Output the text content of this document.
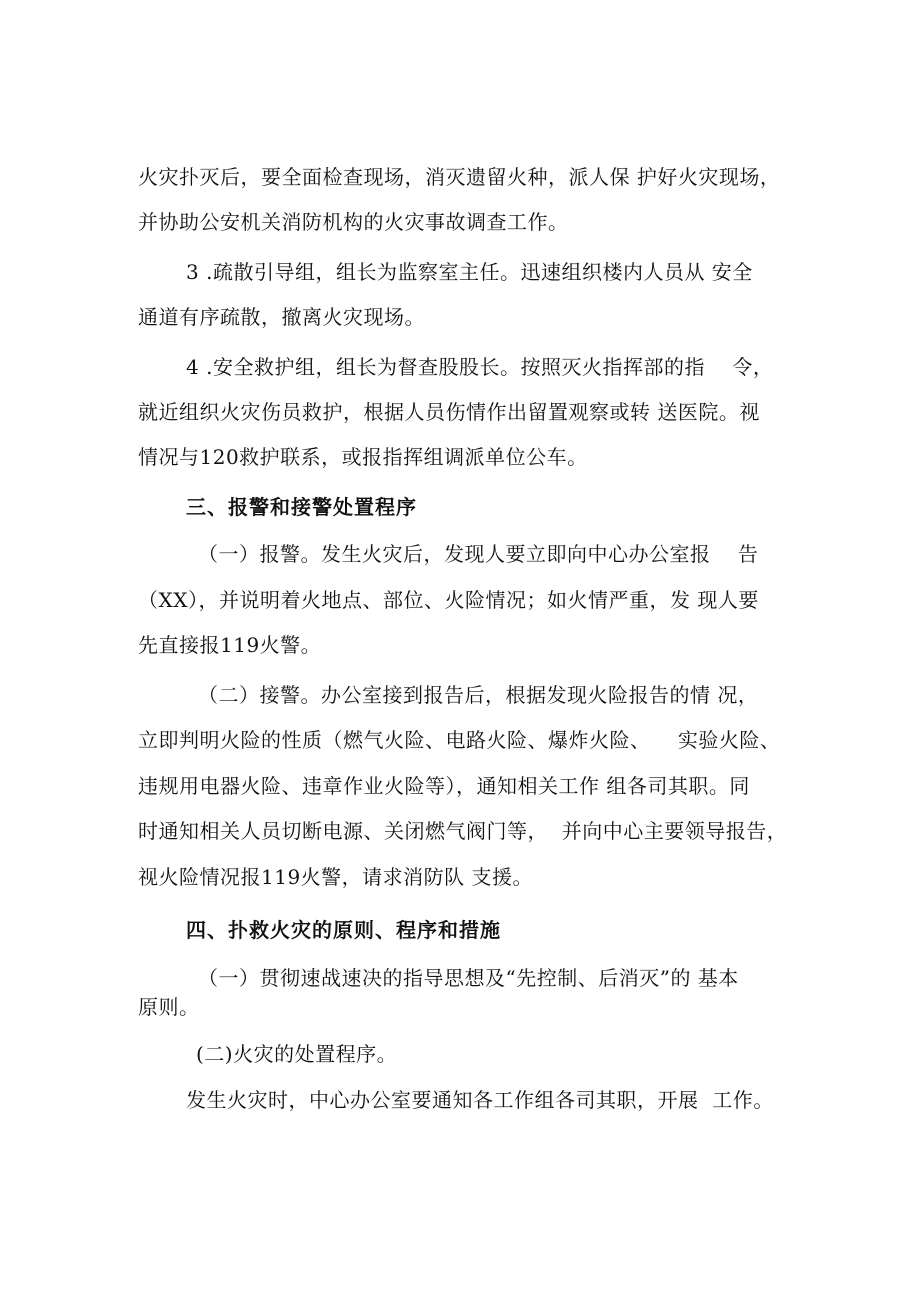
火灾扑灭后，要全面检查现场，消灭遗留火种，派人保 护好火灾现场，
并协助公安机关消防机构的火灾事故调查工作。
3 .疏散引导组，组长为监察室主任。迅速组织楼内人员从 安全
通道有序疏散，撤离火灾现场。
4 .安全救护组，组长为督查股股长。按照灭火指挥部的指    令，
就近组织火灾伤员救护，根据人员伤情作出留置观察或转 送医院。视
情况与120救护联系，或报指挥组调派单位公车。
三、报警和接警处置程序
（一）报警。发生火灾后，发现人要立即向中心办公室报    告
（XX），并说明着火地点、部位、火险情况；如火情严重，发 现人要
先直接报119火警。
（二）接警。办公室接到报告后，根据发现火险报告的情 况，
立即判明火险的性质（燃气火险、电路火险、爆炸火险、    实验火险、
违规用电器火险、违章作业火险等），通知相关工作 组各司其职。同
时通知相关人员切断电源、关闭燃气阀门等，  并向中心主要领导报告，
视火险情况报119火警，请求消防队 支援。
四、扑救火灾的原则、程序和措施
（一）贯彻速战速决的指导思想及“先控制、后消灭”的 基本
原则。
(二)火灾的处置程序。
发生火灾时，中心办公室要通知各工作组各司其职，开展  工作。
